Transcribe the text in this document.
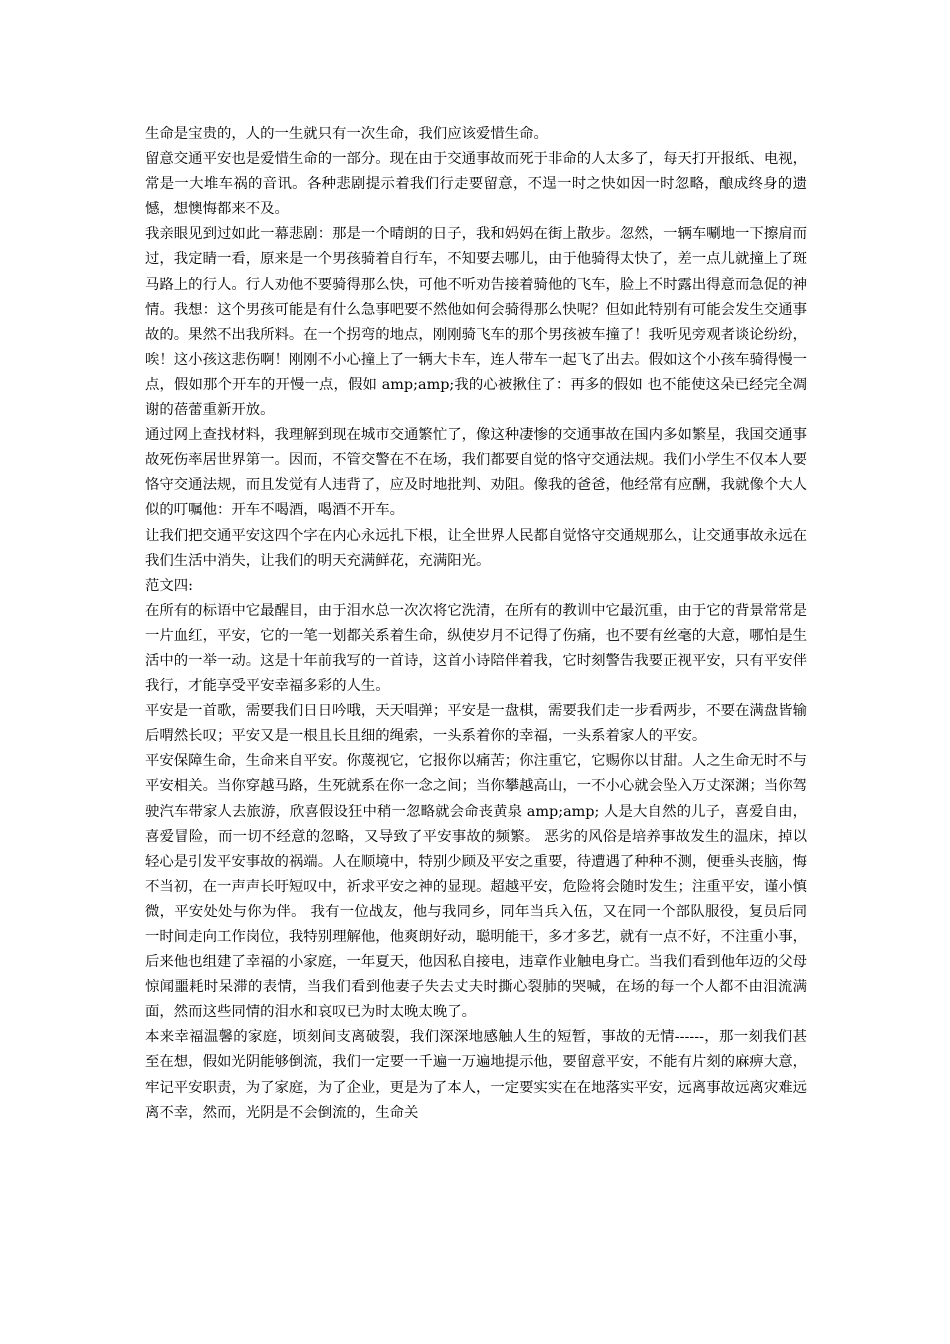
生命是宝贵的，人的一生就只有一次生命，我们应该爱惜生命。

留意交通平安也是爱惜生命的一部分。现在由于交通事故而死于非命的人太多了，每天打开报纸、电视，常是一大堆车祸的音讯。各种悲剧提示着我们行走要留意，不逞一时之快如因一时忽略，酿成终身的遗憾，想懊悔都来不及。

我亲眼见到过如此一幕悲剧：那是一个晴朗的日子，我和妈妈在街上散步。忽然，一辆车唰地一下擦肩而过，我定睛一看，原来是一个男孩骑着自行车，不知要去哪儿，由于他骑得太快了，差一点儿就撞上了斑马路上的行人。行人劝他不要骑得那么快，可他不听劝告接着骑他的飞车，脸上不时露出得意而急促的神情。我想：这个男孩可能是有什么急事吧要不然他如何会骑得那么快呢？但如此特别有可能会发生交通事故的。果然不出我所料。在一个拐弯的地点，刚刚骑飞车的那个男孩被车撞了！我听见旁观者谈论纷纷，唉！这小孩这悲伤啊！刚刚不小心撞上了一辆大卡车，连人带车一起飞了出去。假如这个小孩车骑得慢一点，假如那个开车的开慢一点，假如 amp;amp;我的心被揪住了：再多的假如 也不能使这朵已经完全凋谢的蓓蕾重新开放。

通过网上查找材料，我理解到现在城市交通繁忙了，像这种凄惨的交通事故在国内多如繁星，我国交通事故死伤率居世界第一。因而，不管交警在不在场，我们都要自觉的恪守交通法规。我们小学生不仅本人要恪守交通法规，而且发觉有人违背了，应及时地批判、劝阻。像我的爸爸，他经常有应酬，我就像个大人似的叮嘱他：开车不喝酒，喝酒不开车。

让我们把交通平安这四个字在内心永远扎下根，让全世界人民都自觉恪守交通规那么，让交通事故永远在我们生活中消失，让我们的明天充满鲜花，充满阳光。

范文四:

在所有的标语中它最醒目，由于泪水总一次次将它洗清，在所有的教训中它最沉重，由于它的背景常常是一片血红，平安，它的一笔一划都关系着生命，纵使岁月不记得了伤痛，也不要有丝毫的大意，哪怕是生活中的一举一动。这是十年前我写的一首诗，这首小诗陪伴着我，它时刻警告我要正视平安，只有平安伴我行，才能享受平安幸福多彩的人生。

平安是一首歌，需要我们日日吟哦，天天唱弹；平安是一盘棋，需要我们走一步看两步，不要在满盘皆输后喟然长叹；平安又是一根且长且细的绳索，一头系着你的幸福，一头系着家人的平安。

平安保障生命，生命来自平安。你蔑视它，它报你以痛苦；你注重它，它赐你以甘甜。人之生命无时不与平安相关。当你穿越马路，生死就系在你一念之间；当你攀越高山，一不小心就会坠入万丈深渊；当你驾驶汽车带家人去旅游，欣喜假设狂中稍一忽略就会命丧黄泉 amp;amp; 人是大自然的儿子，喜爱自由，喜爱冒险，而一切不经意的忽略，又导致了平安事故的频繁。 恶劣的风俗是培养事故发生的温床，掉以轻心是引发平安事故的祸端。人在顺境中，特别少顾及平安之重要，待遭遇了种种不测，便垂头丧脑，悔不当初，在一声声长吁短叹中，祈求平安之神的显现。超越平安，危险将会随时发生；注重平安，谨小慎微，平安处处与你为伴。 我有一位战友，他与我同乡，同年当兵入伍，又在同一个部队服役，复员后同一时间走向工作岗位，我特别理解他，他爽朗好动，聪明能干，多才多艺，就有一点不好，不注重小事，后来他也组建了幸福的小家庭，一年夏天，他因私自接电，违章作业触电身亡。当我们看到他年迈的父母惊闻噩耗时呆滞的表情，当我们看到他妻子失去丈夫时撕心裂肺的哭喊，在场的每一个人都不由泪流满面，然而这些同情的泪水和哀叹已为时太晚太晚了。

本来幸福温馨的家庭，顷刻间支离破裂，我们深深地感触人生的短暂，事故的无情------，那一刻我们甚至在想，假如光阴能够倒流，我们一定要一千遍一万遍地提示他，要留意平安，不能有片刻的麻痹大意，牢记平安职责，为了家庭，为了企业，更是为了本人，一定要实实在在地落实平安，远离事故远离灾难远离不幸，然而，光阴是不会倒流的，生命关
